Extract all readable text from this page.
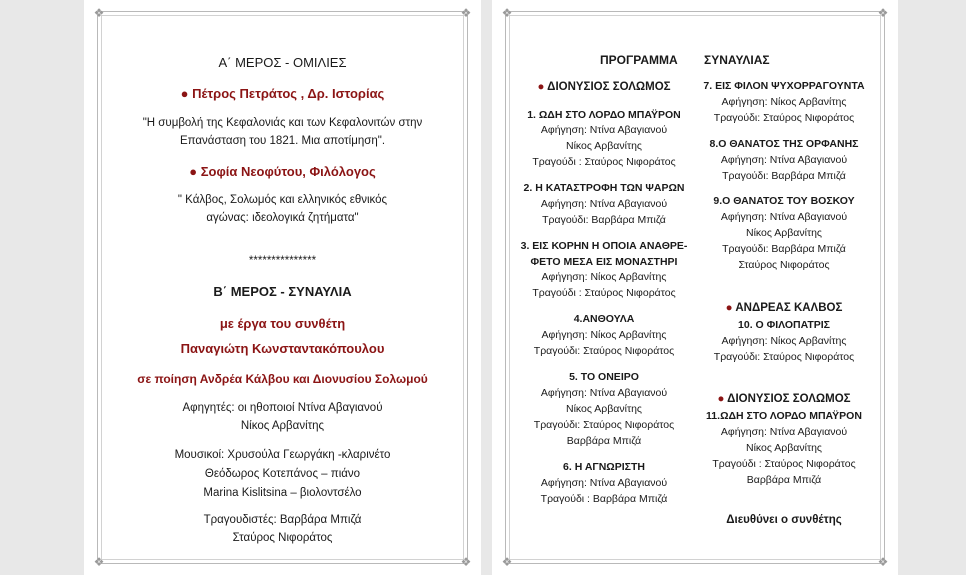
❖	❖
❖	❖
Α΄ ΜΕΡΟΣ - ΟΜΙΛΙΕΣ
● Πέτρος Πετράτος , Δρ. Ιστορίας
"Η συμβολή της Κεφαλονιάς και των Κεφαλονιτών στην
Επανάσταση του 1821. Μια αποτίμηση".
● Σοφία Νεοφύτου, Φιλόλογος
" Κάλβος, Σολωμός και ελληνικός εθνικός
αγώνας: ιδεολογικά ζητήματα"
***************
Β΄ ΜΕΡΟΣ - ΣΥΝΑΥΛΙΑ
με έργα του συνθέτη
Παναγιώτη Κωνσταντακόπουλου
σε ποίηση Ανδρέα Κάλβου και Διονυσίου Σολωμού
Αφηγητές: οι ηθοποιοί Ντίνα Αβαγιανού
Νίκος Αρβανίτης
Μουσικοί: Χρυσούλα Γεωργάκη -κλαρινέτο
Θεόδωρος Κοτεπάνος – πιάνο
Marina Kislitsina – βιολοντσέλο
Τραγουδιστές: Βαρβάρα Μπιζά
Σταύρος Νιφοράτος
❖	❖
❖	❖
ΠΡΟΓΡΑΜΜΑ ΣΥΝΑΥΛΙΑΣ
● ΔΙΟΝΥΣΙΟΣ ΣΟΛΩΜΟΣ
1. ΩΔΗ ΣΤΟ ΛΟΡΔΟ ΜΠΑΫΡΟΝ
Αφήγηση: Ντίνα Αβαγιανού
Νίκος Αρβανίτης
Τραγούδι : Σταύρος Νιφοράτος
2. Η ΚΑΤΑΣΤΡΟΦΗ ΤΩΝ ΨΑΡΩΝ
Αφήγηση: Ντίνα Αβαγιανού
Τραγούδι: Βαρβάρα Μπιζά
3. ΕΙΣ ΚΟΡΗΝ Η ΟΠΟΙΑ ΑΝΑΘΡΕ-
ΦΕΤΟ ΜΕΣΑ ΕΙΣ ΜΟΝΑΣΤΗΡΙ
Αφήγηση: Νίκος Αρβανίτης
Τραγούδι : Σταύρος Νιφοράτος
4.ΑΝΘΟΥΛΑ
Αφήγηση: Νίκος Αρβανίτης
Τραγούδι: Σταύρος Νιφοράτος
5. ΤΟ ΟΝΕΙΡΟ
Αφήγηση: Ντίνα Αβαγιανού
Νίκος Αρβανίτης
Τραγούδι: Σταύρος Νιφοράτος
Βαρβάρα Μπιζά
6. Η ΑΓΝΩΡΙΣΤΗ
Αφήγηση: Ντίνα Αβαγιανού
Τραγούδι : Βαρβάρα Μπιζά
7. ΕΙΣ ΦΙΛΟΝ ΨΥΧΟΡΡΑΓΟΥΝΤΑ
Αφήγηση: Νίκος Αρβανίτης
Τραγούδι: Σταύρος Νιφοράτος
8.Ο ΘΑΝΑΤΟΣ ΤΗΣ ΟΡΦΑΝΗΣ
Αφήγηση: Ντίνα Αβαγιανού
Τραγούδι: Βαρβάρα Μπιζά
9.Ο ΘΑΝΑΤΟΣ ΤΟΥ ΒΟΣΚΟΥ
Αφήγηση: Ντίνα Αβαγιανού
Νίκος Αρβανίτης
Τραγούδι: Βαρβάρα Μπιζά
Σταύρος Νιφοράτος
● ΑΝΔΡΕΑΣ ΚΑΛΒΟΣ
10. Ο ΦΙΛΟΠΑΤΡΙΣ
Αφήγηση: Νίκος Αρβανίτης
Τραγούδι: Σταύρος Νιφοράτος
● ΔΙΟΝΥΣΙΟΣ ΣΟΛΩΜΟΣ
11.ΩΔΗ ΣΤΟ ΛΟΡΔΟ ΜΠΑΫΡΟΝ
Αφήγηση: Ντίνα Αβαγιανού
Νίκος Αρβανίτης
Τραγούδι : Σταύρος Νιφοράτος
Βαρβάρα Μπιζά
Διευθύνει ο συνθέτης
